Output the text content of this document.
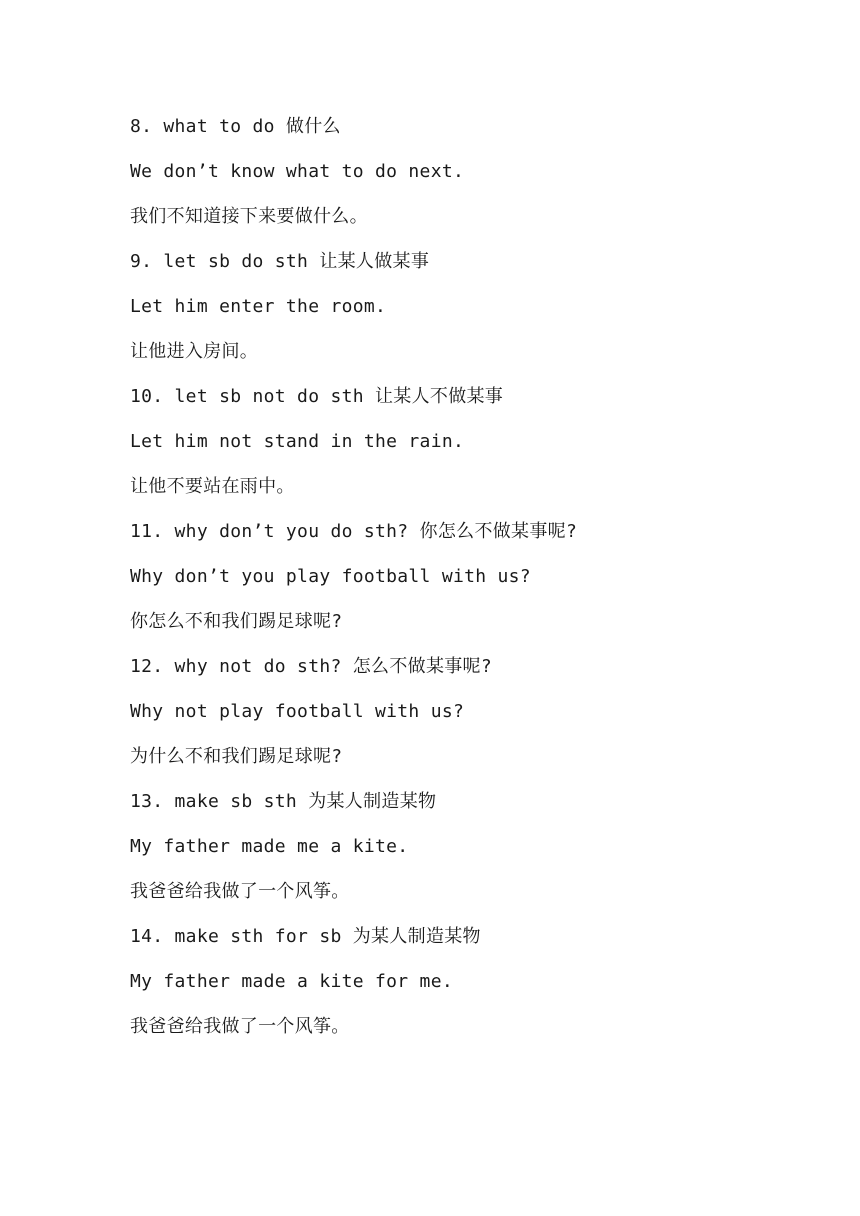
8. what to do 做什么
We don’t know what to do next.
我们不知道接下来要做什么。
9. let sb do sth 让某人做某事
Let him enter the room.
让他进入房间。
10. let sb not do sth 让某人不做某事
Let him not stand in the rain.
让他不要站在雨中。
11. why don’t you do sth? 你怎么不做某事呢?
Why don’t you play football with us?
你怎么不和我们踢足球呢?
12. why not do sth? 怎么不做某事呢?
Why not play football with us?
为什么不和我们踢足球呢?
13. make sb sth 为某人制造某物
My father made me a kite.
我爸爸给我做了一个风筝。
14. make sth for sb 为某人制造某物
My father made a kite for me.
我爸爸给我做了一个风筝。
